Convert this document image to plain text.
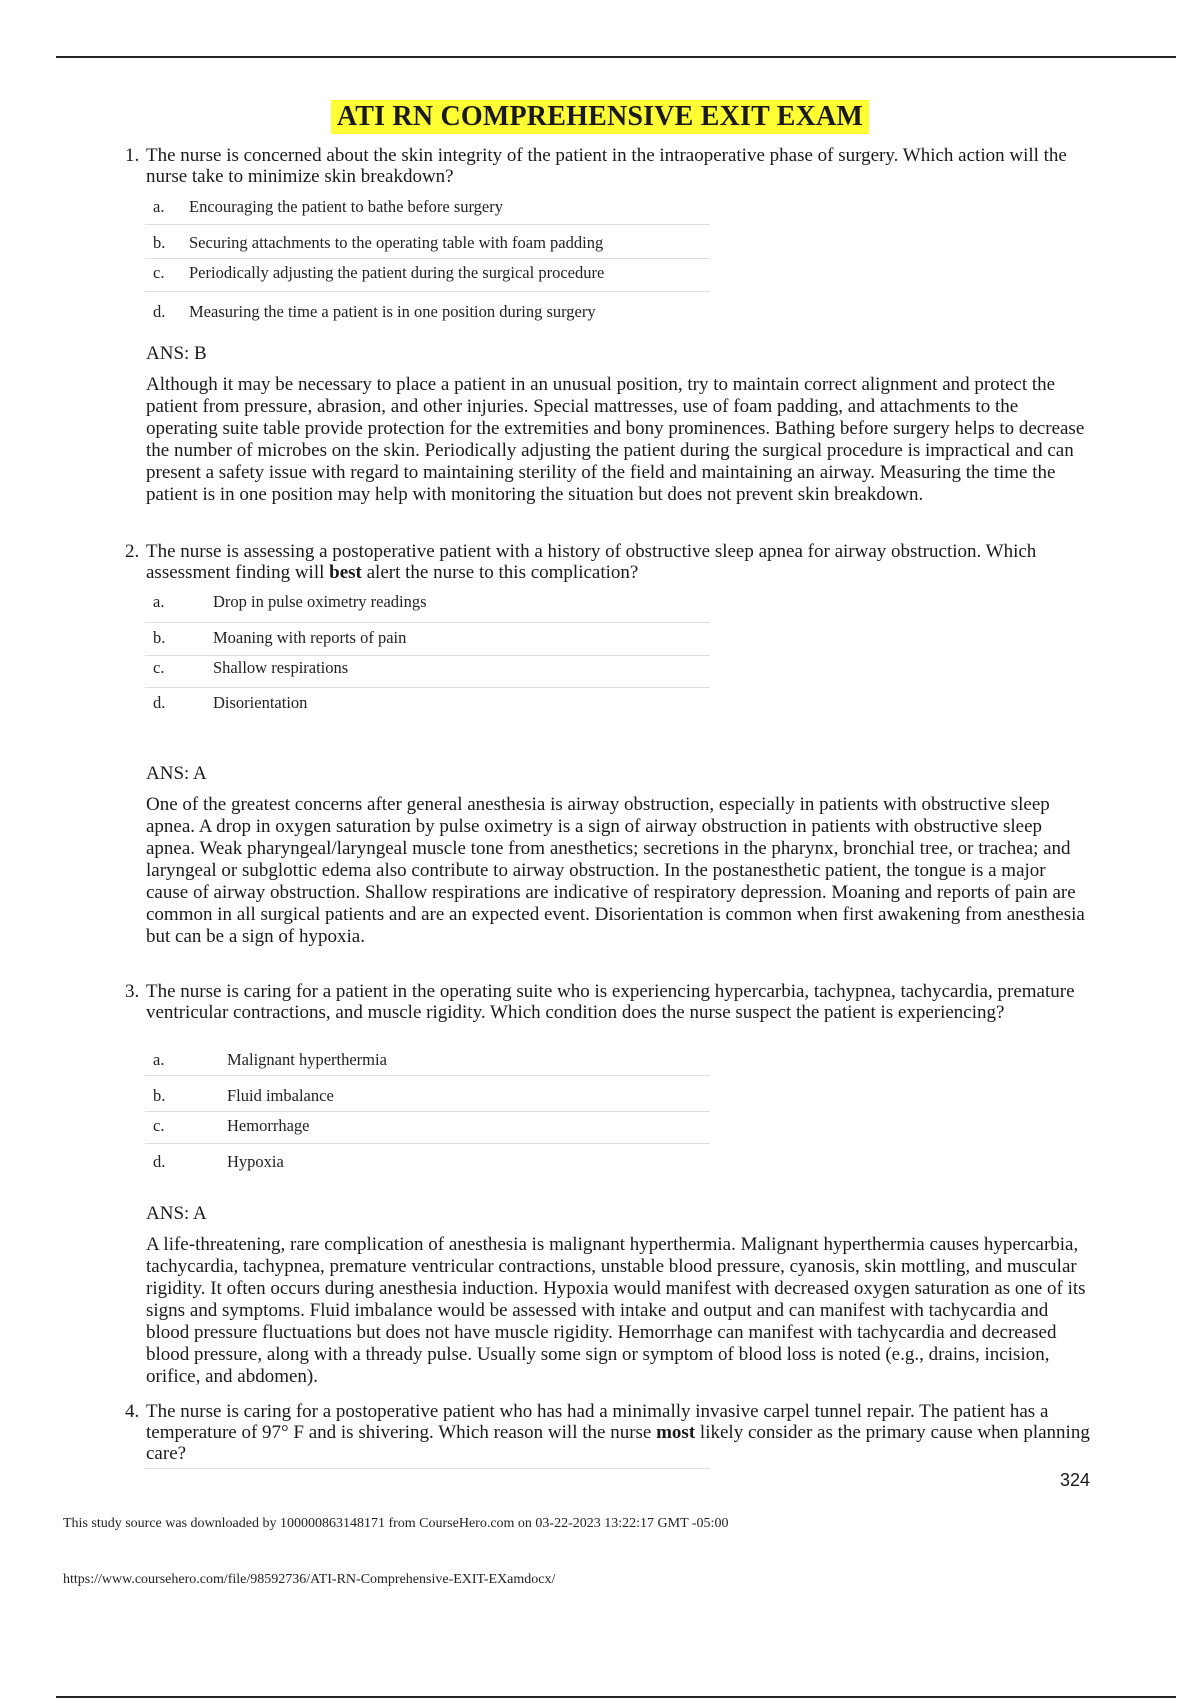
ATI RN COMPREHENSIVE EXIT EXAM
1. The nurse is concerned about the skin integrity of the patient in the intraoperative phase of surgery. Which action will the nurse take to minimize skin breakdown?
a. Encouraging the patient to bathe before surgery
b. Securing attachments to the operating table with foam padding
c. Periodically adjusting the patient during the surgical procedure
d. Measuring the time a patient is in one position during surgery
ANS: B
Although it may be necessary to place a patient in an unusual position, try to maintain correct alignment and protect the patient from pressure, abrasion, and other injuries. Special mattresses, use of foam padding, and attachments to the operating suite table provide protection for the extremities and bony prominences. Bathing before surgery helps to decrease the number of microbes on the skin. Periodically adjusting the patient during the surgical procedure is impractical and can present a safety issue with regard to maintaining sterility of the field and maintaining an airway. Measuring the time the patient is in one position may help with monitoring the situation but does not prevent skin breakdown.
2. The nurse is assessing a postoperative patient with a history of obstructive sleep apnea for airway obstruction. Which assessment finding will best alert the nurse to this complication?
a.	Drop in pulse oximetry readings
b.	Moaning with reports of pain
c.	Shallow respirations
d.	Disorientation
ANS: A
One of the greatest concerns after general anesthesia is airway obstruction, especially in patients with obstructive sleep apnea. A drop in oxygen saturation by pulse oximetry is a sign of airway obstruction in patients with obstructive sleep apnea. Weak pharyngeal/laryngeal muscle tone from anesthetics; secretions in the pharynx, bronchial tree, or trachea; and laryngeal or subglottic edema also contribute to airway obstruction. In the postanesthetic patient, the tongue is a major cause of airway obstruction. Shallow respirations are indicative of respiratory depression. Moaning and reports of pain are common in all surgical patients and are an expected event. Disorientation is common when first awakening from anesthesia but can be a sign of hypoxia.
3. The nurse is caring for a patient in the operating suite who is experiencing hypercarbia, tachypnea, tachycardia, premature ventricular contractions, and muscle rigidity. Which condition does the nurse suspect the patient is experiencing?
a.	Malignant hyperthermia
b.	Fluid imbalance
c.	Hemorrhage
d.	Hypoxia
ANS: A
A life-threatening, rare complication of anesthesia is malignant hyperthermia. Malignant hyperthermia causes hypercarbia, tachycardia, tachypnea, premature ventricular contractions, unstable blood pressure, cyanosis, skin mottling, and muscular rigidity. It often occurs during anesthesia induction. Hypoxia would manifest with decreased oxygen saturation as one of its signs and symptoms. Fluid imbalance would be assessed with intake and output and can manifest with tachycardia and blood pressure fluctuations but does not have muscle rigidity. Hemorrhage can manifest with tachycardia and decreased blood pressure, along with a thready pulse. Usually some sign or symptom of blood loss is noted (e.g., drains, incision, orifice, and abdomen).
4. The nurse is caring for a postoperative patient who has had a minimally invasive carpel tunnel repair. The patient has a temperature of 97° F and is shivering. Which reason will the nurse most likely consider as the primary cause when planning care?
324
This study source was downloaded by 100000863148171 from CourseHero.com on 03-22-2023 13:22:17 GMT -05:00
https://www.coursehero.com/file/98592736/ATI-RN-Comprehensive-EXIT-EXamdocx/
